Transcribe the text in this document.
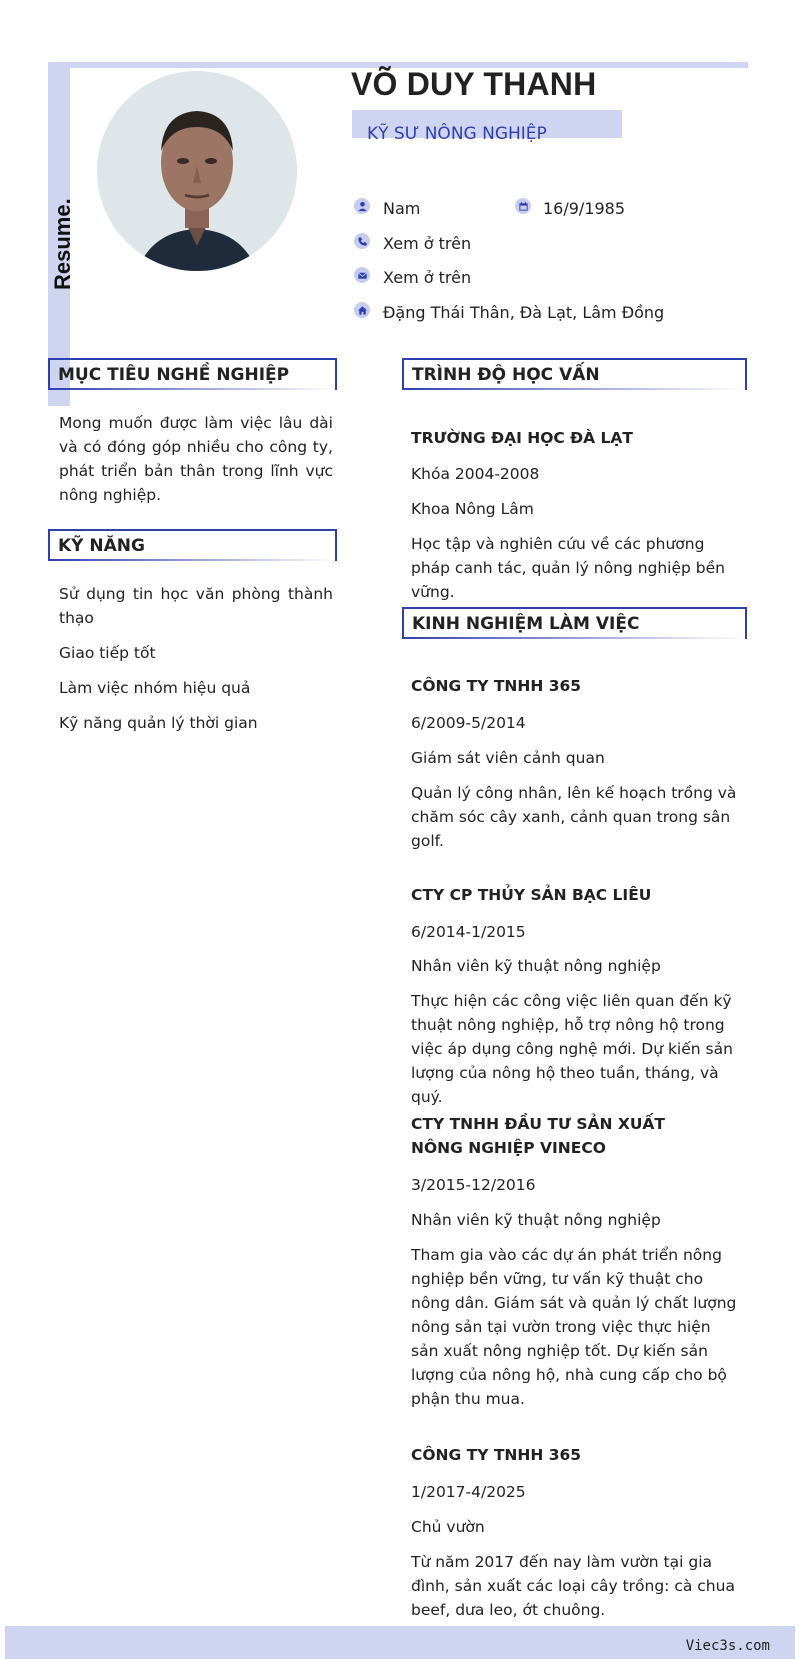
Resume.
VÕ DUY THANH
KỸ SƯ NÔNG NGHIỆP
Nam	16/9/1985
Xem ở trên
Xem ở trên
Đặng Thái Thân, Đà Lạt, Lâm Đồng
MỤC TIÊU NGHỀ NGHIỆP
Mong muốn được làm việc lâu dài và có đóng góp nhiều cho công ty, phát triển bản thân trong lĩnh vực nông nghiệp.
KỸ NĂNG
Sử dụng tin học văn phòng thành thạo
Giao tiếp tốt
Làm việc nhóm hiệu quả
Kỹ năng quản lý thời gian
TRÌNH ĐỘ HỌC VẤN
TRƯỜNG ĐẠI HỌC ĐÀ LẠT
Khóa 2004-2008
Khoa Nông Lâm
Học tập và nghiên cứu về các phương pháp canh tác, quản lý nông nghiệp bền vững.
KINH NGHIỆM LÀM VIỆC
CÔNG TY TNHH 365
6/2009-5/2014
Giám sát viên cảnh quan
Quản lý công nhân, lên kế hoạch trồng và chăm sóc cây xanh, cảnh quan trong sân golf.
CTY CP THỦY SẢN BẠC LIÊU
6/2014-1/2015
Nhân viên kỹ thuật nông nghiệp
Thực hiện các công việc liên quan đến kỹ thuật nông nghiệp, hỗ trợ nông hộ trong việc áp dụng công nghệ mới. Dự kiến sản lượng của nông hộ theo tuần, tháng, và quý.
CTY TNHH ĐẦU TƯ SẢN XUẤT NÔNG NGHIỆP VINECO
3/2015-12/2016
Nhân viên kỹ thuật nông nghiệp
Tham gia vào các dự án phát triển nông nghiệp bền vững, tư vấn kỹ thuật cho nông dân. Giám sát và quản lý chất lượng nông sản tại vườn trong việc thực hiện sản xuất nông nghiệp tốt. Dự kiến sản lượng của nông hộ, nhà cung cấp cho bộ phận thu mua.
CÔNG TY TNHH 365
1/2017-4/2025
Chủ vườn
Từ năm 2017 đến nay làm vườn tại gia đình, sản xuất các loại cây trồng: cà chua beef, dưa leo, ớt chuông.
Viec3s.com
